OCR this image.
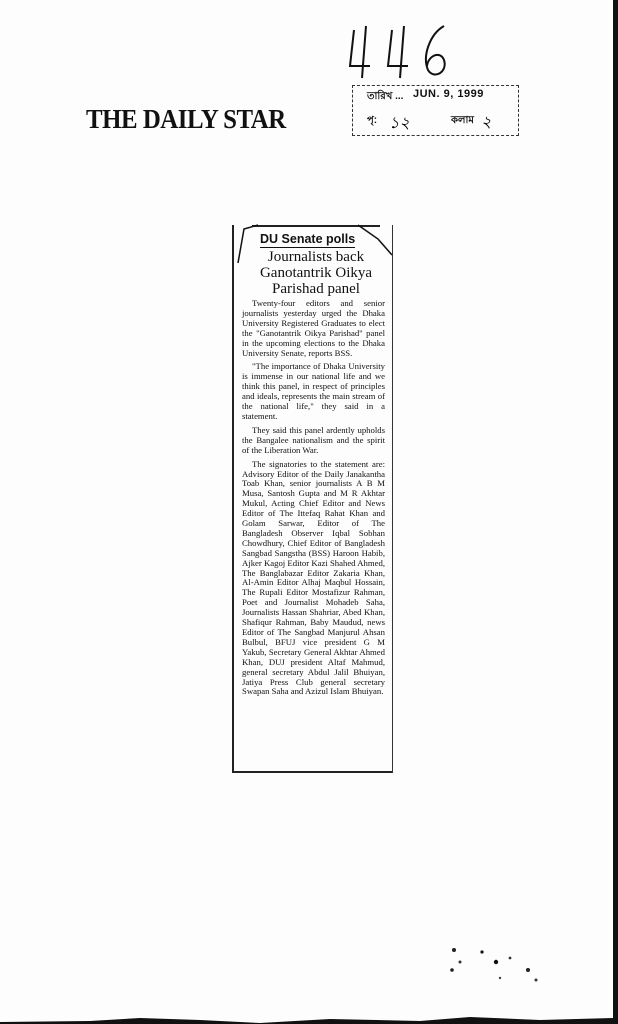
THE DAILY STAR
তারিখ ... JUN. 9, 1999
পৃ: ১২	কলাম ২
DU Senate polls
Journalists back Ganotantrik Oikya Parishad panel

Twenty-four editors and senior journalists yesterday urged the Dhaka University Registered Graduates to elect the "Ganotantrik Oikya Parishad" panel in the upcoming elections to the Dhaka University Senate, reports BSS.

"The importance of Dhaka University is immense in our national life and we think this panel, in respect of principles and ideals, represents the main stream of the national life," they said in a statement.

They said this panel ardently upholds the Bangalee nationalism and the spirit of the Liberation War.

The signatories to the statement are: Advisory Editor of the Daily Janakantha Toab Khan, senior journalists A B M Musa, Santosh Gupta and M R Akhtar Mukul, Acting Chief Editor and News Editor of The Ittefaq Rahat Khan and Golam Sarwar, Editor of The Bangladesh Observer Iqbal Sobhan Chowdhury, Chief Editor of Bangladesh Sangbad Sangstha (BSS) Haroon Habib, Ajker Kagoj Editor Kazi Shahed Ahmed, The Banglabazar Editor Zakaria Khan, Al-Amin Editor Alhaj Maqbul Hossain, The Rupali Editor Mostafizur Rahman, Poet and Journalist Mohadeb Saha, Journalists Hassan Shahriar, Abed Khan, Shafiqur Rahman, Baby Maudud, news Editor of The Sangbad Manjurul Ahsan Bulbul, BFUJ vice president G M Yakub, Secretary General Akhtar Ahmed Khan, DUJ president Altaf Mahmud, general secretary Abdul Jalil Bhuiyan, Jatiya Press Club general secretary Swapan Saha and Azizul Islam Bhuiyan.
